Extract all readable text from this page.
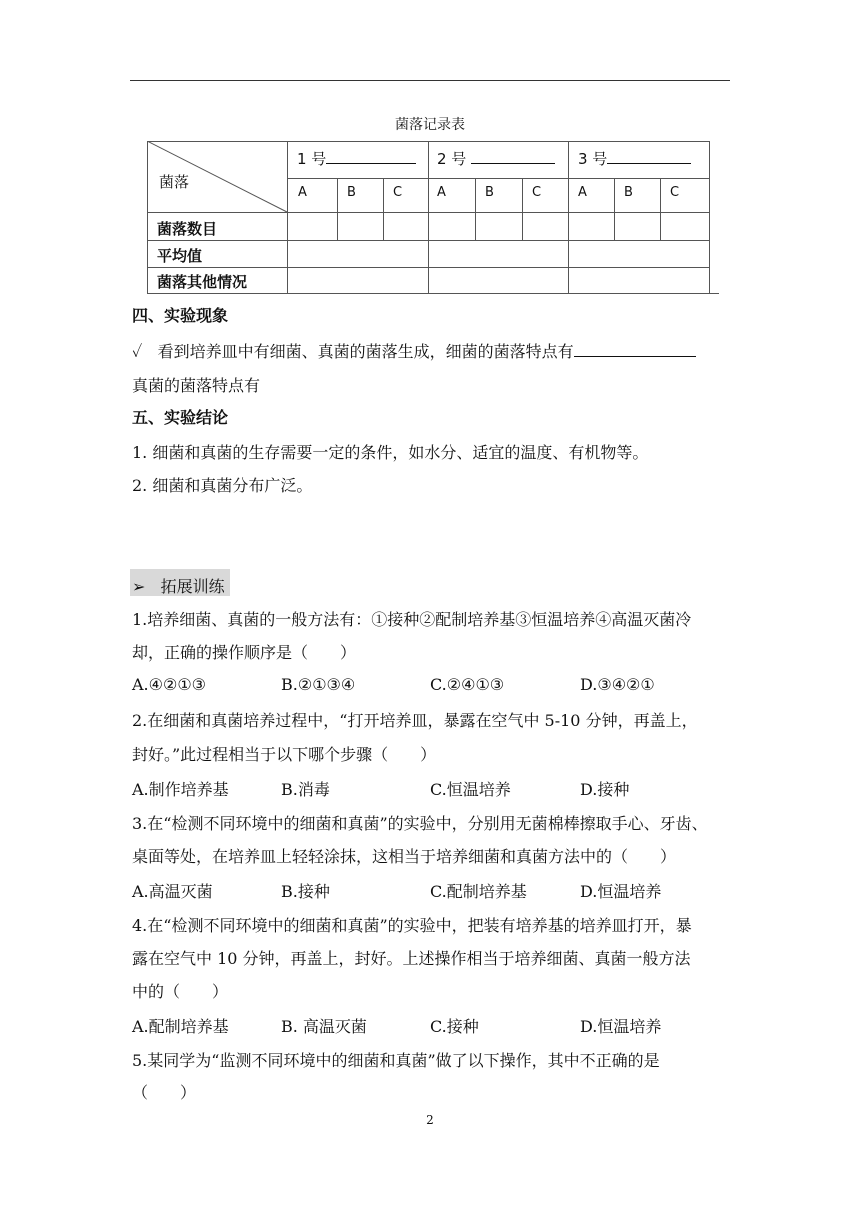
菌落记录表
菌落
1 号	2 号	3 号
A	B	C	A	B	C	A	B	C
菌落数目
平均值
菌落其他情况
四、实验现象
✓ 看到培养皿中有细菌、真菌的菌落生成，细菌的菌落特点有
真菌的菌落特点有
五、实验结论
1. 细菌和真菌的生存需要一定的条件，如水分、适宜的温度、有机物等。
2. 细菌和真菌分布广泛。
➢ 拓展训练
1.培养细菌、真菌的一般方法有：①接种②配制培养基③恒温培养④高温灭菌冷
却，正确的操作顺序是（　　）
A.④②①③	B.②①③④	C.②④①③	D.③④②①
2.在细菌和真菌培养过程中，“打开培养皿，暴露在空气中 5-10 分钟，再盖上，
封好。”此过程相当于以下哪个步骤（　　）
A.制作培养基	B.消毒	C.恒温培养	D.接种
3.在“检测不同环境中的细菌和真菌”的实验中，分别用无菌棉棒擦取手心、牙齿、
桌面等处，在培养皿上轻轻涂抹，这相当于培养细菌和真菌方法中的（　　）
A.高温灭菌	B.接种	C.配制培养基	D.恒温培养
4.在“检测不同环境中的细菌和真菌”的实验中，把装有培养基的培养皿打开，暴
露在空气中 10 分钟，再盖上，封好。上述操作相当于培养细菌、真菌一般方法
中的（　　）
A.配制培养基	B. 高温灭菌	C.接种	D.恒温培养
5.某同学为“监测不同环境中的细菌和真菌”做了以下操作，其中不正确的是
（　　）
2
